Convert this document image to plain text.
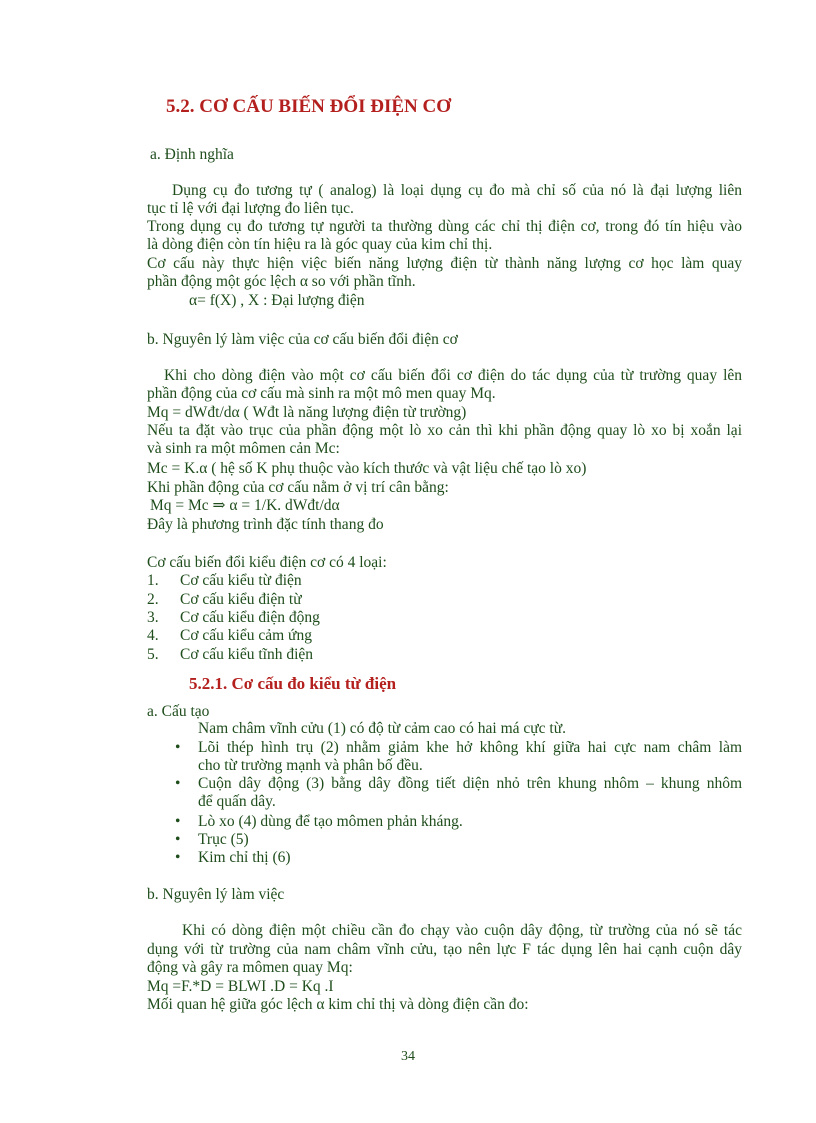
5.2. CƠ CẤU BIẾN ĐỔI ĐIỆN CƠ
a. Định nghĩa
Dụng cụ đo tương tự ( analog) là loại dụng cụ đo mà chỉ số của nó là đại lượng liên
tục tỉ lệ với đại lượng đo liên tục.
Trong dụng cụ đo tương tự người ta thường dùng các chỉ thị điện cơ, trong đó tín hiệu vào
là dòng điện còn tín hiệu ra là góc quay của kim chỉ thị.
Cơ cấu này thực hiện việc biến năng lượng điện từ thành năng lượng cơ học làm quay
phần động một góc lệch α so với phần tĩnh.
α= f(X) , X : Đại lượng điện
b. Nguyên lý làm việc của cơ cấu biến đổi điện cơ
Khi cho dòng điện vào một cơ cấu biến đổi cơ điện do tác dụng của từ trường quay lên
phần động của cơ cấu mà sinh ra một mô men quay Mq.
Mq = dWđt/dα ( Wđt là năng lượng điện từ trường)
Nếu ta đặt vào trục của phần động một lò xo cản thì khi phần động quay lò xo bị xoắn lại
và sinh ra một mômen cản Mc:
Mc = K.α ( hệ số K phụ thuộc vào kích thước và vật liệu chế tạo lò xo)
Khi phần động của cơ cấu nằm ở vị trí cân bằng:
Mq = Mc ⇒ α = 1/K. dWđt/dα
Đây là phương trình đặc tính thang đo
Cơ cấu biến đổi kiểu điện cơ có 4 loại:
1. Cơ cấu kiểu từ điện
2. Cơ cấu kiểu điện từ
3. Cơ cấu kiểu điện động
4. Cơ cấu kiểu cảm ứng
5. Cơ cấu kiểu tĩnh điện
5.2.1. Cơ cấu đo kiểu từ điện
a. Cấu tạo
Nam châm vĩnh cửu (1) có độ từ cảm cao có hai má cực từ.
• Lõi thép hình trụ (2) nhằm giảm khe hở không khí giữa hai cực nam châm làm
cho từ trường mạnh và phân bố đều.
• Cuộn dây động (3) bằng dây đồng tiết diện nhỏ trên khung nhôm – khung nhôm
để quấn dây.
• Lò xo (4) dùng để tạo mômen phản kháng.
• Trục (5)
• Kim chỉ thị (6)
b. Nguyên lý làm việc
Khi có dòng điện một chiều cần đo chạy vào cuộn dây động, từ trường của nó sẽ tác
dụng với từ trường của nam châm vĩnh cửu, tạo nên lực F tác dụng lên hai cạnh cuộn dây
động và gây ra mômen quay Mq:
Mq =F.*D = BLWI .D = Kq .I
Mối quan hệ giữa góc lệch α kim chỉ thị và dòng điện cần đo:
34
